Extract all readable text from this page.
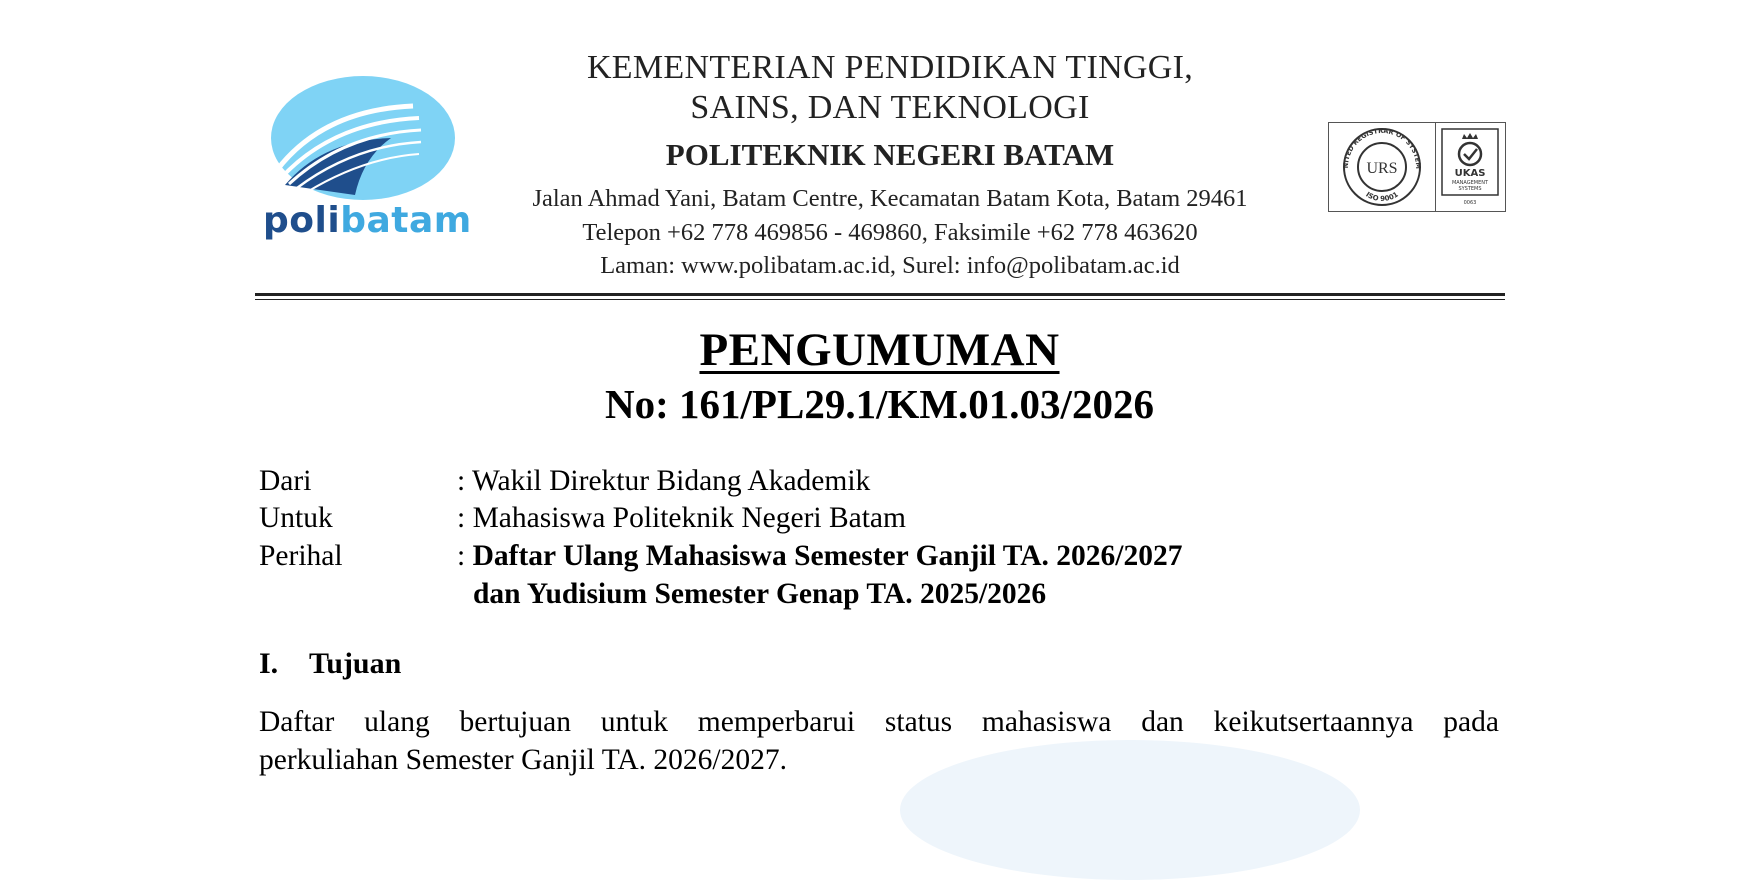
polibatam
KEMENTERIAN PENDIDIKAN TINGGI,
SAINS, DAN TEKNOLOGI
POLITEKNIK NEGERI BATAM
Jalan Ahmad Yani, Batam Centre, Kecamatan Batam Kota, Batam 29461
Telepon +62 778 469856 - 469860, Faksimile +62 778 463620
Laman: www.polibatam.ac.id, Surel: info@polibatam.ac.id
NITED REGISTRAR OF SYSTEM
ISO 9001
URS	UKAS
MANAGEMENT
SYSTEMS
0063
PENGUMUMAN
No: 161/PL29.1/KM.01.03/2026
Dari	: Wakil Direktur Bidang Akademik
Untuk	: Mahasiswa Politeknik Negeri Batam
Perihal	: Daftar Ulang Mahasiswa Semester Ganjil TA. 2026/2027
dan Yudisium Semester Genap TA. 2025/2026
I. Tujuan
Daftar ulang bertujuan untuk memperbarui status mahasiswa dan keikutsertaannya pada
perkuliahan Semester Ganjil TA. 2026/2027.
